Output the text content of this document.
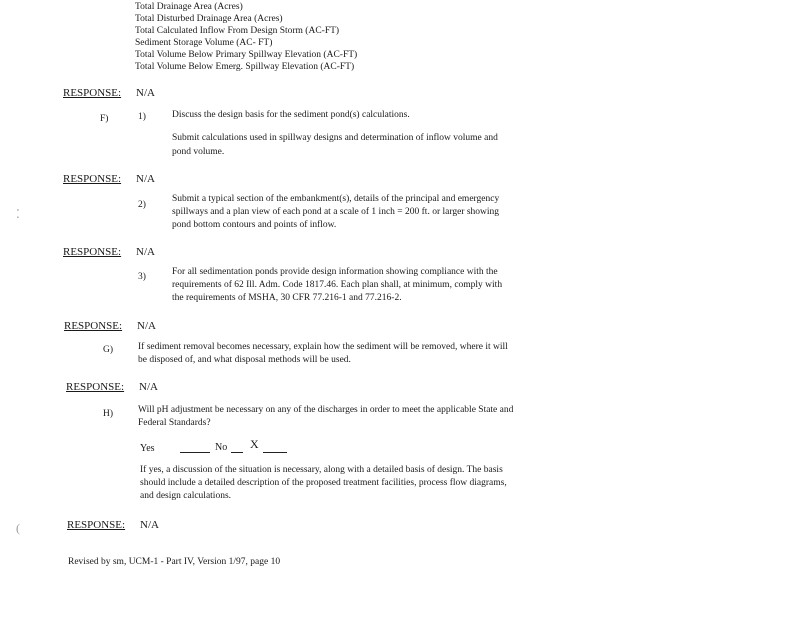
Total Drainage Area (Acres)
Total Disturbed Drainage Area (Acres)
Total Calculated Inflow From Design Storm (AC-FT)
Sediment Storage Volume (AC- FT)
Total Volume Below Primary Spillway Elevation (AC-FT)
Total Volume Below Emerg. Spillway Elevation (AC-FT)
RESPONSE: N/A
F)	1)	Discuss the design basis for the sediment pond(s) calculations.
Submit calculations used in spillway designs and determination of inflow volume and
pond volume.
RESPONSE: N/A
2)
Submit a typical section of the embankment(s), details of the principal and emergency
spillways and a plan view of each pond at a scale of 1 inch = 200 ft. or larger showing
pond bottom contours and points of inflow.
⁚
(
RESPONSE: N/A
3)	For all sedimentation ponds provide design information showing compliance with the
requirements of 62 Ill. Adm. Code 1817.46. Each plan shall, at minimum, comply with
the requirements of MSHA, 30 CFR 77.216-1 and 77.216-2.
RESPONSE: N/A
G)	If sediment removal becomes necessary, explain how the sediment will be removed, where it will
be disposed of, and what disposal methods will be used.
RESPONSE: N/A
H)	Will pH adjustment be necessary on any of the discharges in order to meet the applicable State and
Federal Standards?
Yes	No X
If yes, a discussion of the situation is necessary, along with a detailed basis of design. The basis
should include a detailed description of the proposed treatment facilities, process flow diagrams,
and design calculations.
RESPONSE: N/A
Revised by sm, UCM-1 - Part IV, Version 1/97, page 10
